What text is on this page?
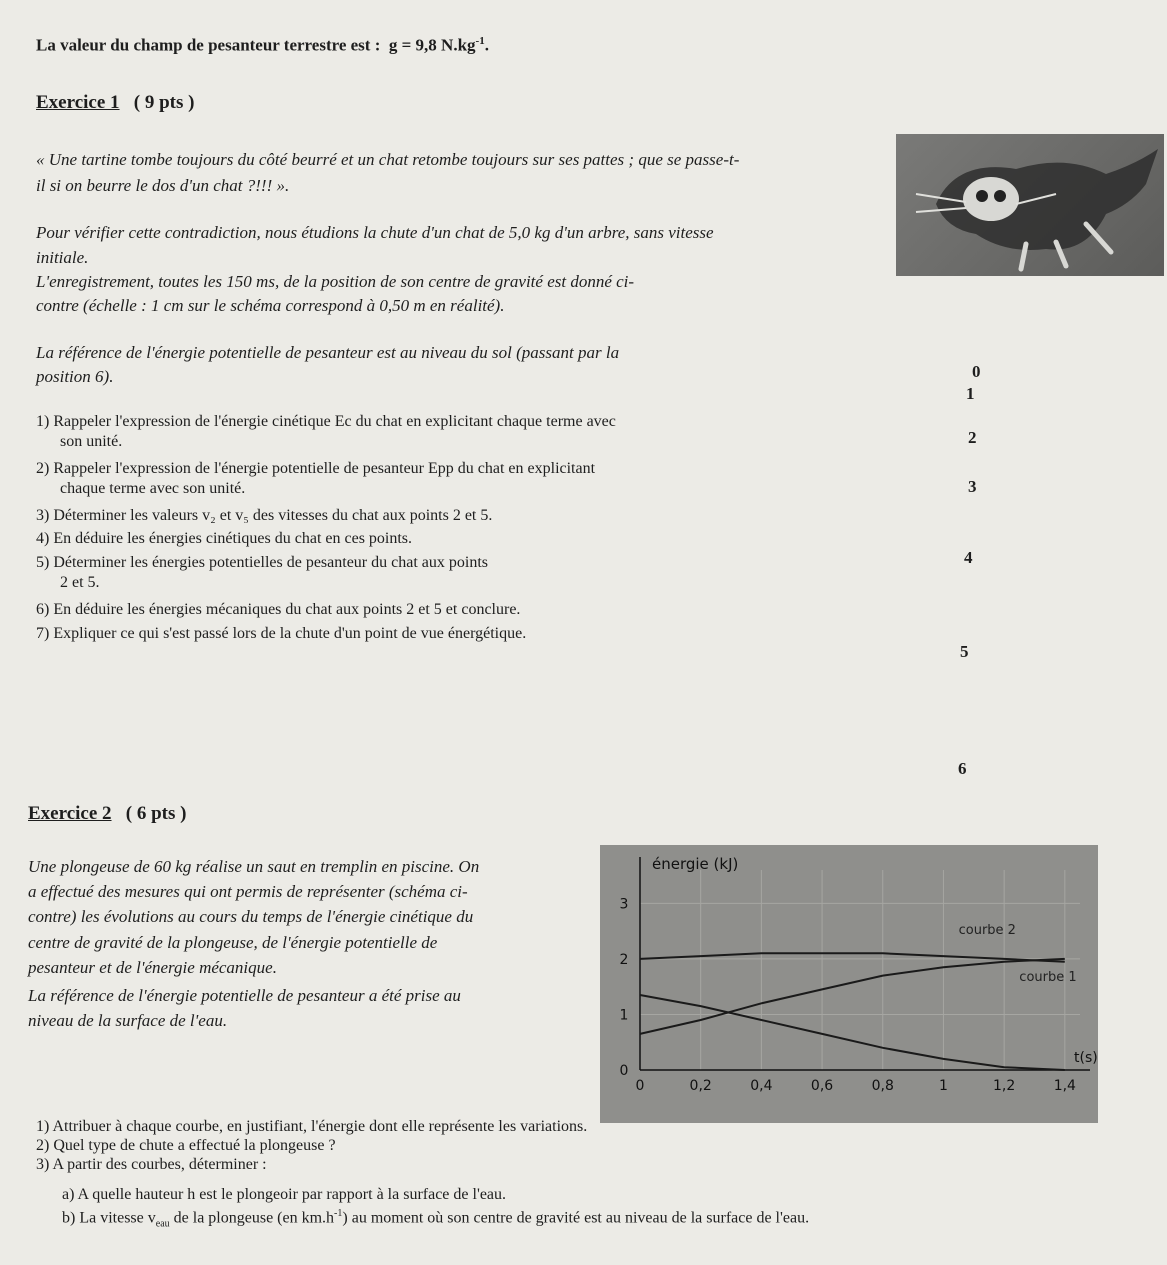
La valeur du champ de pesanteur terrestre est : g = 9,8 $N.kg^{-1}$.
Exercice 1 ( 9 pts )
« Une tartine tombe toujours du côté beurré et un chat retombe toujours sur ses pattes ; que se passe-t-
il si on beurre le dos d'un chat ?!!! ».
Pour vérifier cette contradiction, nous étudions la chute d'un chat de 5,0 kg d'un arbre, sans vitesse
initiale.
L'enregistrement, toutes les 150 ms, de la position de son centre de gravité est donné ci-
contre (échelle : 1 cm sur le schéma correspond à 0,50 m en réalité).
La référence de l'énergie potentielle de pesanteur est au niveau du sol (passant par la
position 6).
1) Rappeler l'expression de l'énergie cinétique Ec du chat en explicitant chaque terme avec
son unité.
2) Rappeler l'expression de l'énergie potentielle de pesanteur Epp du chat en explicitant
chaque terme avec son unité.
3) Déterminer les valeurs v₂ et v₅ des vitesses du chat aux points 2 et 5.
4) En déduire les énergies cinétiques du chat en ces points.
5) Déterminer les énergies potentielles de pesanteur du chat aux points
2 et 5.
6) En déduire les énergies mécaniques du chat aux points 2 et 5 et conclure.
7) Expliquer ce qui s'est passé lors de la chute d'un point de vue énergétique.
0
1
2
3
4
5
6
Exercice 2 ( 6 pts )
Une plongeuse de 60 kg réalise un saut en tremplin en piscine. On
a effectué des mesures qui ont permis de représenter (schéma ci-
contre) les évolutions au cours du temps de l'énergie cinétique du
centre de gravité de la plongeuse, de l'énergie potentielle de
pesanteur et de l'énergie mécanique.
La référence de l'énergie potentielle de pesanteur a été prise au
niveau de la surface de l'eau.
0	0,2	0,4	0,6	0,8	1	1,2	1,4
0
1
2
3
énergie (kJ)
t(s)
courbe 2
courbe 1
1) Attribuer à chaque courbe, en justifiant, l'énergie dont elle représente les variations.
2) Quel type de chute a effectué la plongeuse ?
3) A partir des courbes, déterminer :
a) A quelle hauteur h est le plongeoir par rapport à la surface de l'eau.
b) La vitesse $v_{eau}$ de la plongeuse (en $km.h^{-1}$) au moment où son centre de gravité est au niveau de la surface de l'eau.
